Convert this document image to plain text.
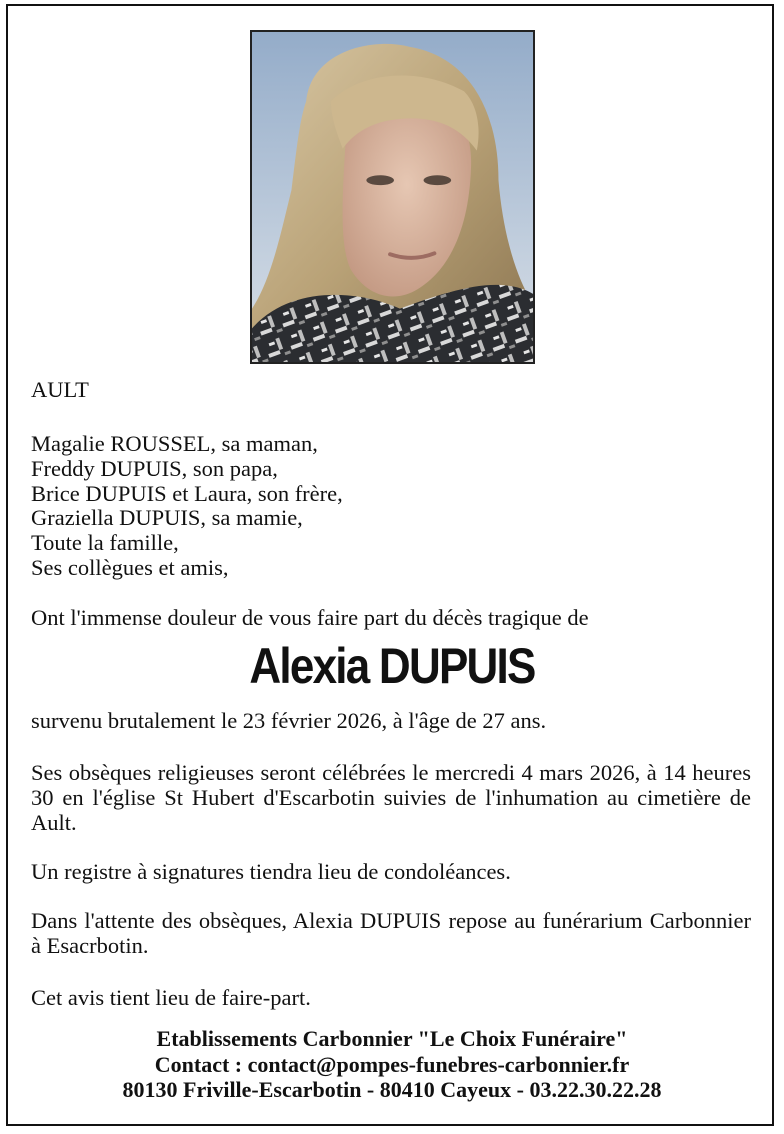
AULT
Magalie ROUSSEL, sa maman,
Freddy DUPUIS, son papa,
Brice DUPUIS et Laura, son frère,
Graziella DUPUIS, sa mamie,
Toute la famille,
Ses collègues et amis,
Ont l'immense douleur de vous faire part du décès tragique de
Alexia DUPUIS
survenu brutalement le 23 février 2026, à l'âge de 27 ans.
Ses obsèques religieuses seront célébrées le mercredi 4 mars 2026, à 14 heures 30 en l'église St Hubert d'Escarbotin suivies de l'inhumation au cimetière de Ault.
Un registre à signatures tiendra lieu de condoléances.
Dans l'attente des obsèques, Alexia DUPUIS repose au funérarium Carbonnier à Esacrbotin.
Cet avis tient lieu de faire-part.
Etablissements Carbonnier "Le Choix Funéraire"
Contact : contact@pompes-funebres-carbonnier.fr
80130 Friville-Escarbotin - 80410 Cayeux - 03.22.30.22.28
